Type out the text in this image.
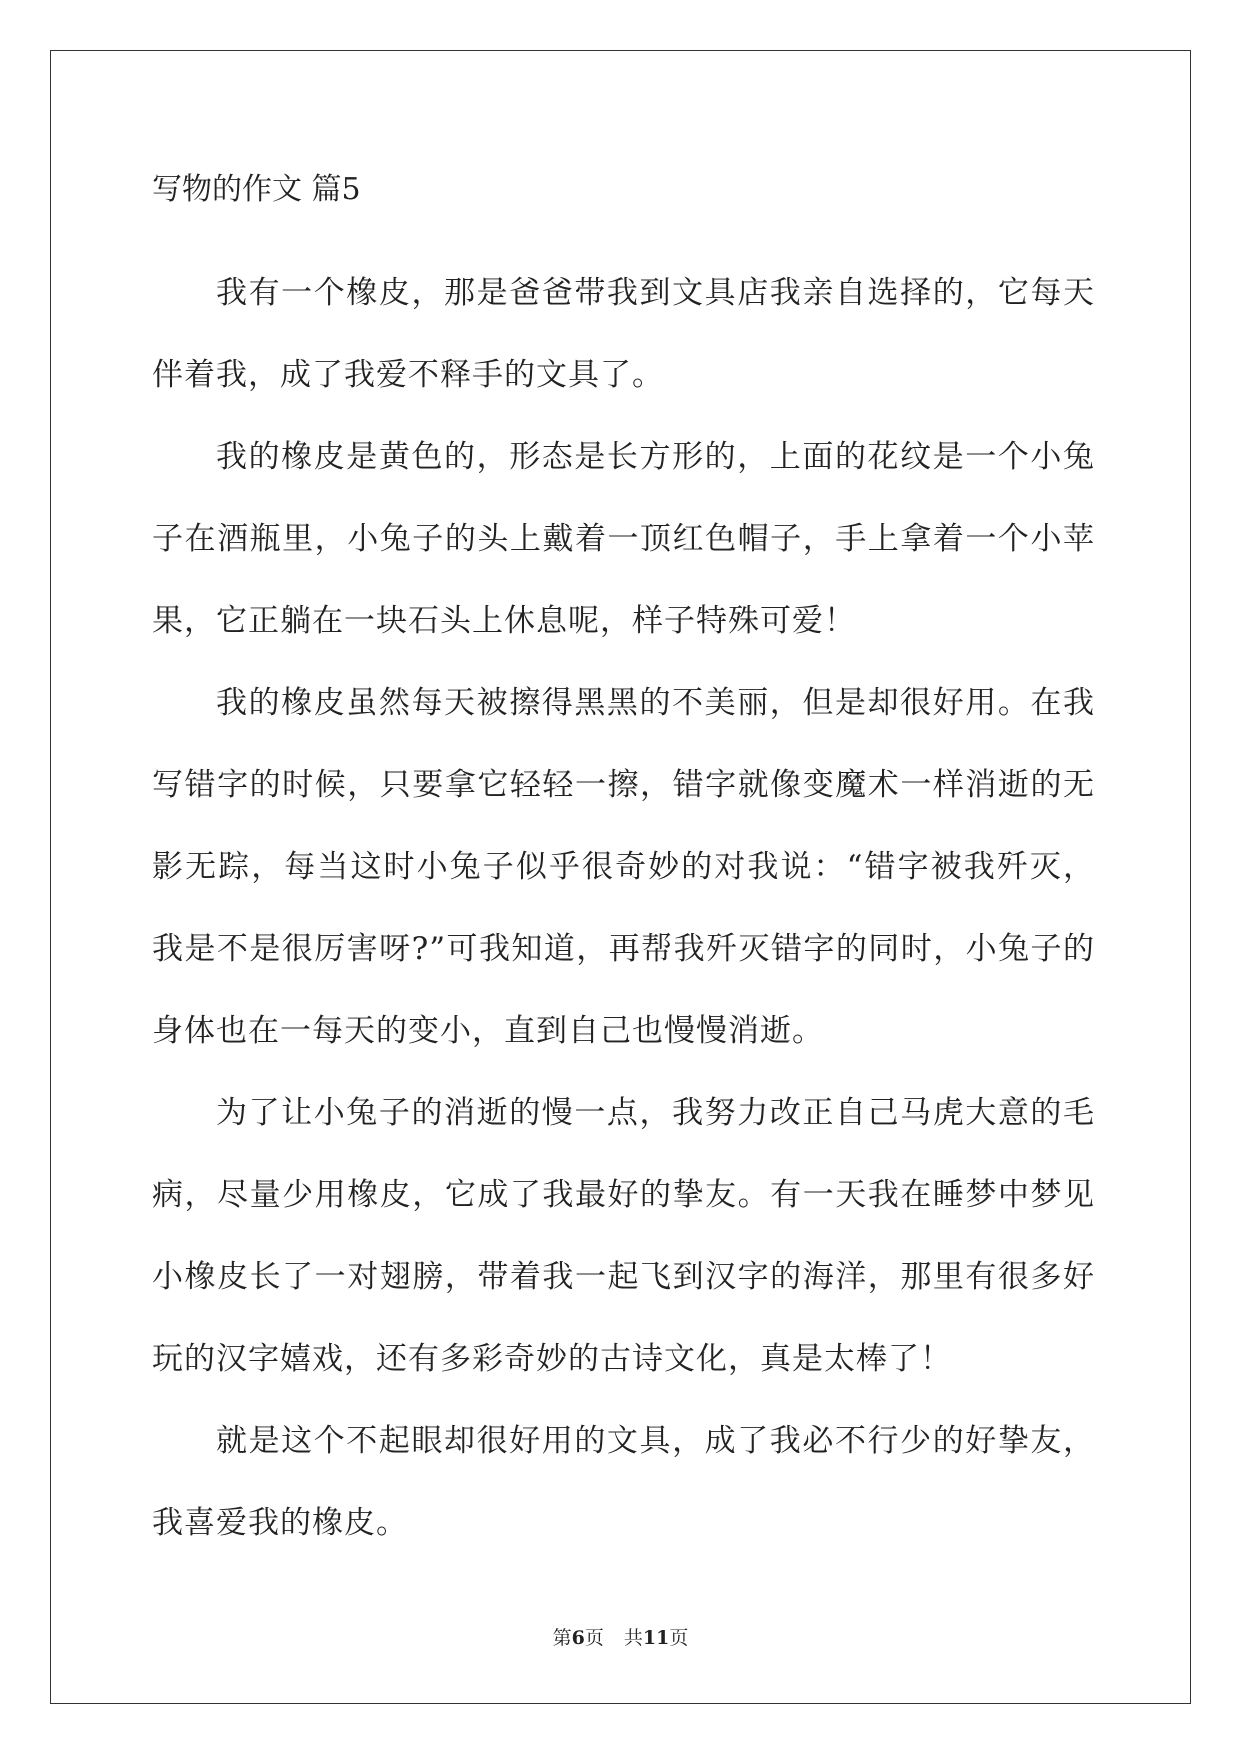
写物的作文 篇5

我有一个橡皮，那是爸爸带我到文具店我亲自选择的，它每天伴着我，成了我爱不释手的文具了。

我的橡皮是黄色的，形态是长方形的，上面的花纹是一个小兔子在酒瓶里，小兔子的头上戴着一顶红色帽子，手上拿着一个小苹果，它正躺在一块石头上休息呢，样子特殊可爱！

我的橡皮虽然每天被擦得黑黑的不美丽，但是却很好用。在我写错字的时候，只要拿它轻轻一擦，错字就像变魔术一样消逝的无影无踪，每当这时小兔子似乎很奇妙的对我说：“错字被我歼灭，我是不是很厉害呀?”可我知道，再帮我歼灭错字的同时，小兔子的身体也在一每天的变小，直到自己也慢慢消逝。

为了让小兔子的消逝的慢一点，我努力改正自己马虎大意的毛病，尽量少用橡皮，它成了我最好的挚友。有一天我在睡梦中梦见小橡皮长了一对翅膀，带着我一起飞到汉字的海洋，那里有很多好玩的汉字嬉戏，还有多彩奇妙的古诗文化，真是太棒了！

就是这个不起眼却很好用的文具，成了我必不行少的好挚友，我喜爱我的橡皮。

第6页 共11页
